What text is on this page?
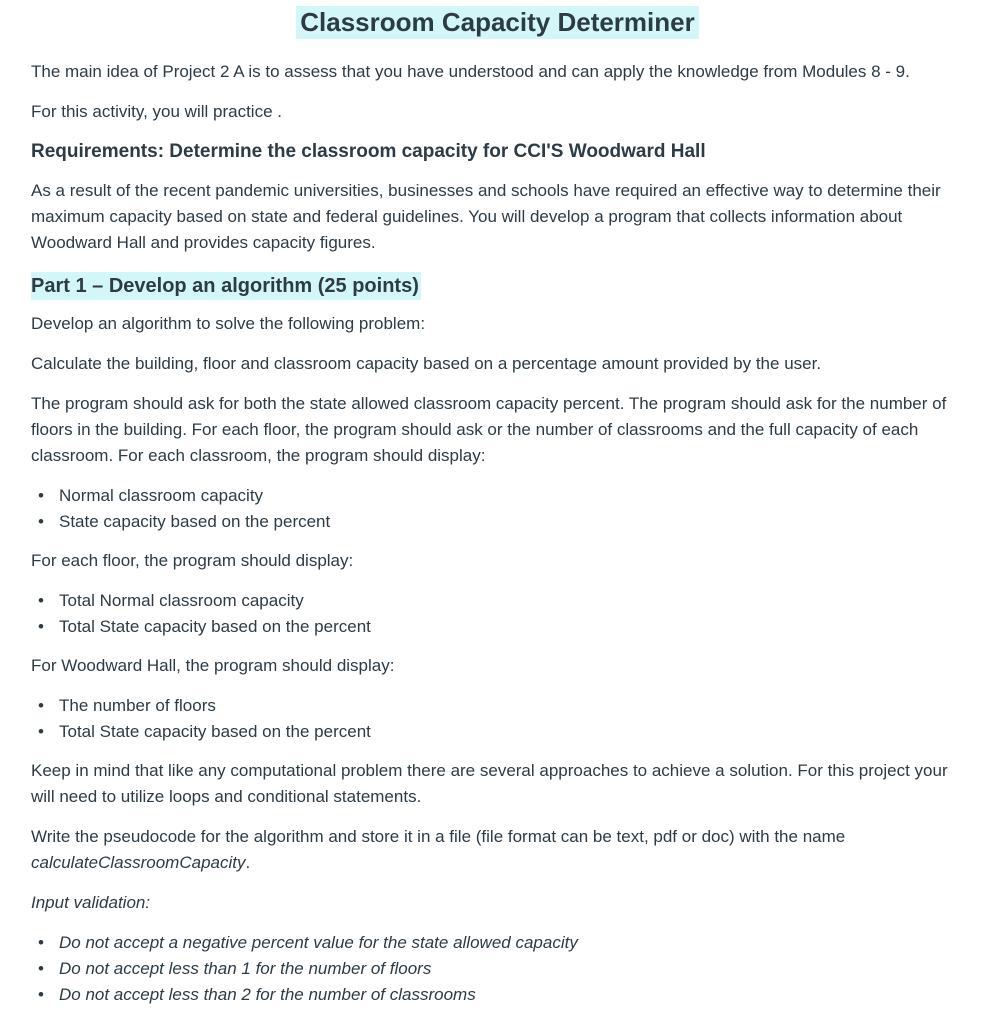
Classroom Capacity Determiner

The main idea of Project 2 A is to assess that you have understood and can apply the knowledge from Modules 8 - 9.

For this activity, you will practice .

Requirements: Determine the classroom capacity for CCI'S Woodward Hall

As a result of the recent pandemic universities, businesses and schools have required an effective way to determine their maximum capacity based on state and federal guidelines. You will develop a program that collects information about Woodward Hall and provides capacity figures.

Part 1 – Develop an algorithm (25 points)

Develop an algorithm to solve the following problem:

Calculate the building, floor and classroom capacity based on a percentage amount provided by the user.

The program should ask for both the state allowed classroom capacity percent. The program should ask for the number of floors in the building. For each floor, the program should ask or the number of classrooms and the full capacity of each classroom. For each classroom, the program should display:

• Normal classroom capacity
• State capacity based on the percent

For each floor, the program should display:

• Total Normal classroom capacity
• Total State capacity based on the percent

For Woodward Hall, the program should display:

• The number of floors
• Total State capacity based on the percent

Keep in mind that like any computational problem there are several approaches to achieve a solution. For this project your will need to utilize loops and conditional statements.

Write the pseudocode for the algorithm and store it in a file (file format can be text, pdf or doc) with the name calculateClassroomCapacity.

Input validation:

• Do not accept a negative percent value for the state allowed capacity
• Do not accept less than 1 for the number of floors
• Do not accept less than 2 for the number of classrooms
